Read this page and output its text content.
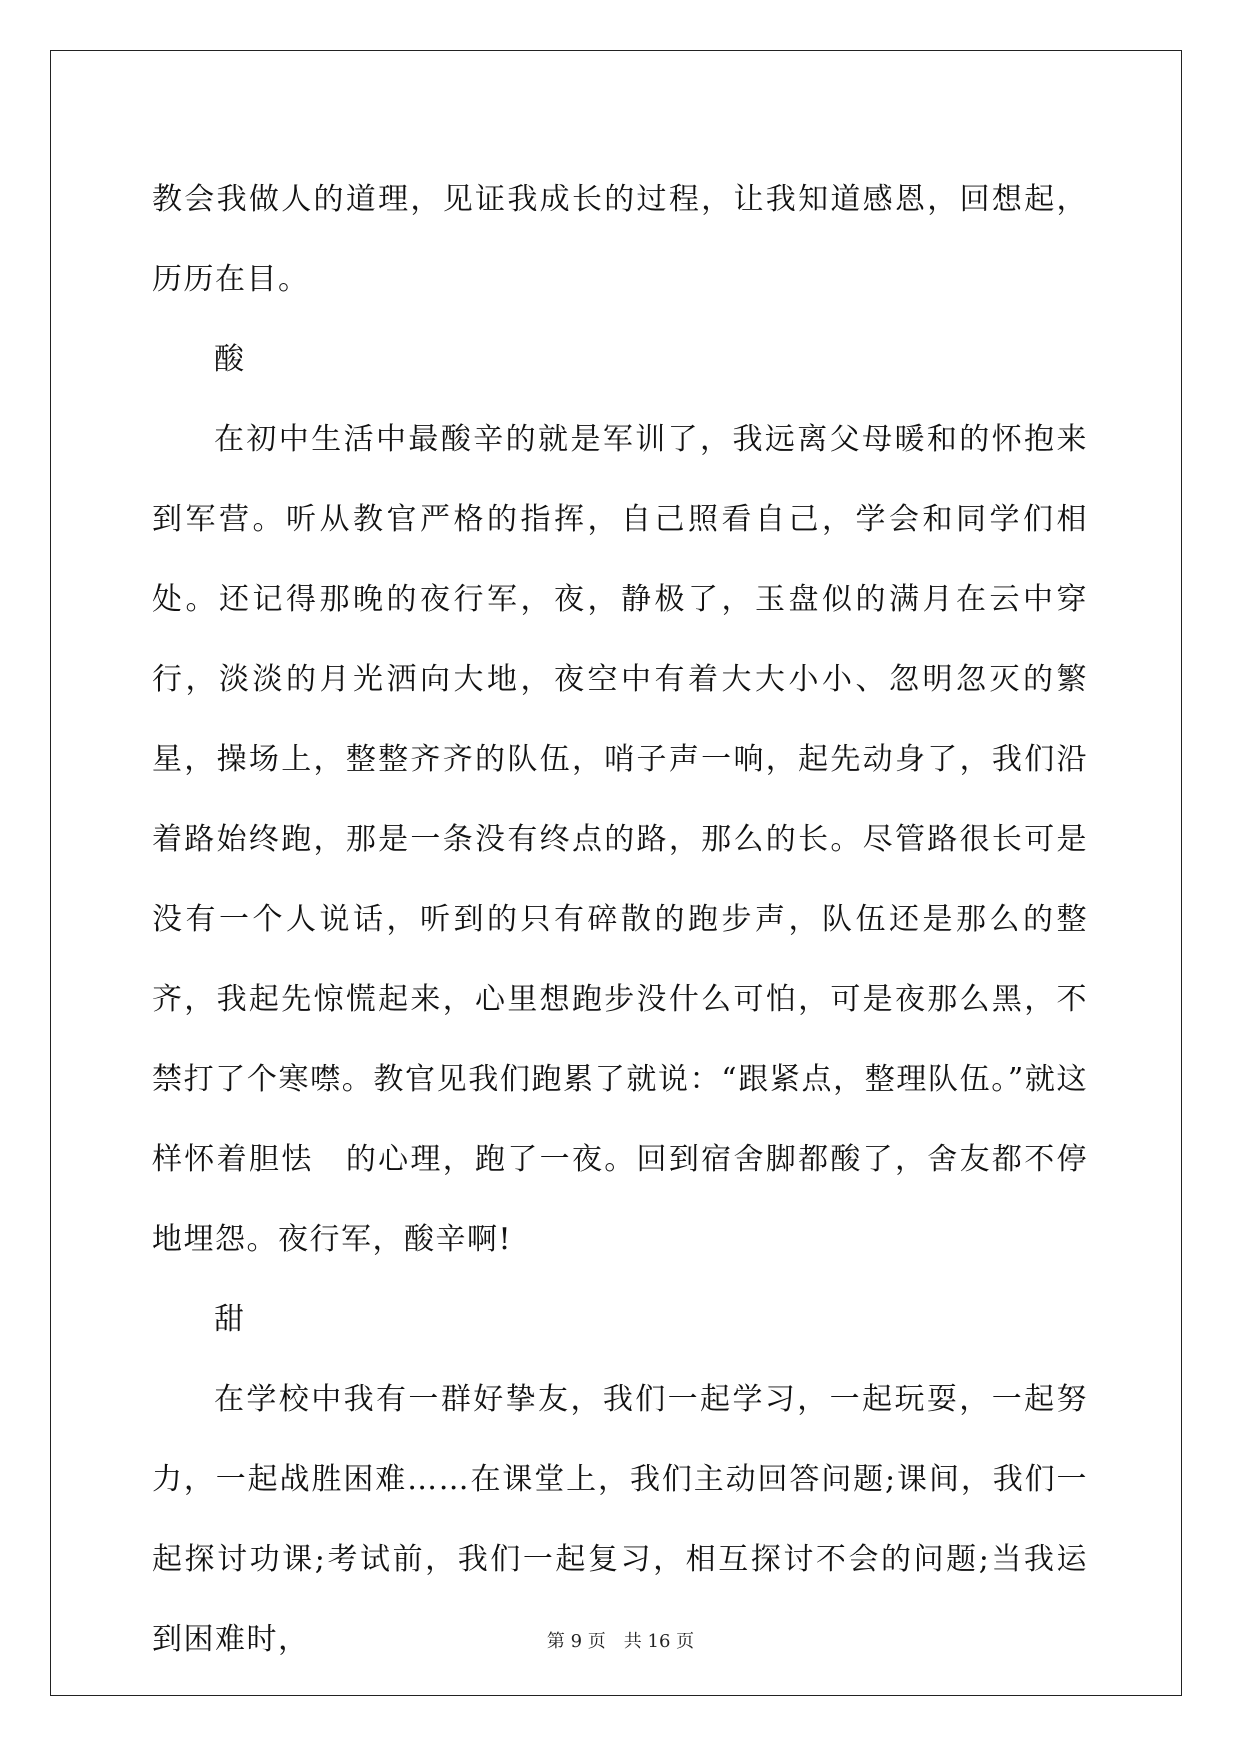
教会我做人的道理，见证我成长的过程，让我知道感恩，回想起，历历在目。

酸

在初中生活中最酸辛的就是军训了，我远离父母暖和的怀抱来到军营。听从教官严格的指挥，自己照看自己，学会和同学们相处。还记得那晚的夜行军，夜，静极了，玉盘似的满月在云中穿行，淡淡的月光洒向大地，夜空中有着大大小小、忽明忽灭的繁星，操场上，整整齐齐的队伍，哨子声一响，起先动身了，我们沿着路始终跑，那是一条没有终点的路，那么的长。尽管路很长可是没有一个人说话，听到的只有碎散的跑步声，队伍还是那么的整齐，我起先惊慌起来，心里想跑步没什么可怕，可是夜那么黑，不禁打了个寒噤。教官见我们跑累了就说：“跟紧点，整理队伍。”就这样怀着胆怯　的心理，跑了一夜。回到宿舍脚都酸了，舍友都不停地埋怨。夜行军，酸辛啊!

甜

在学校中我有一群好挚友，我们一起学习，一起玩耍，一起努力，一起战胜困难……在课堂上，我们主动回答问题;课间，我们一起探讨功课;考试前，我们一起复习，相互探讨不会的问题;当我运到困难时，	第 9 页 共 16 页
